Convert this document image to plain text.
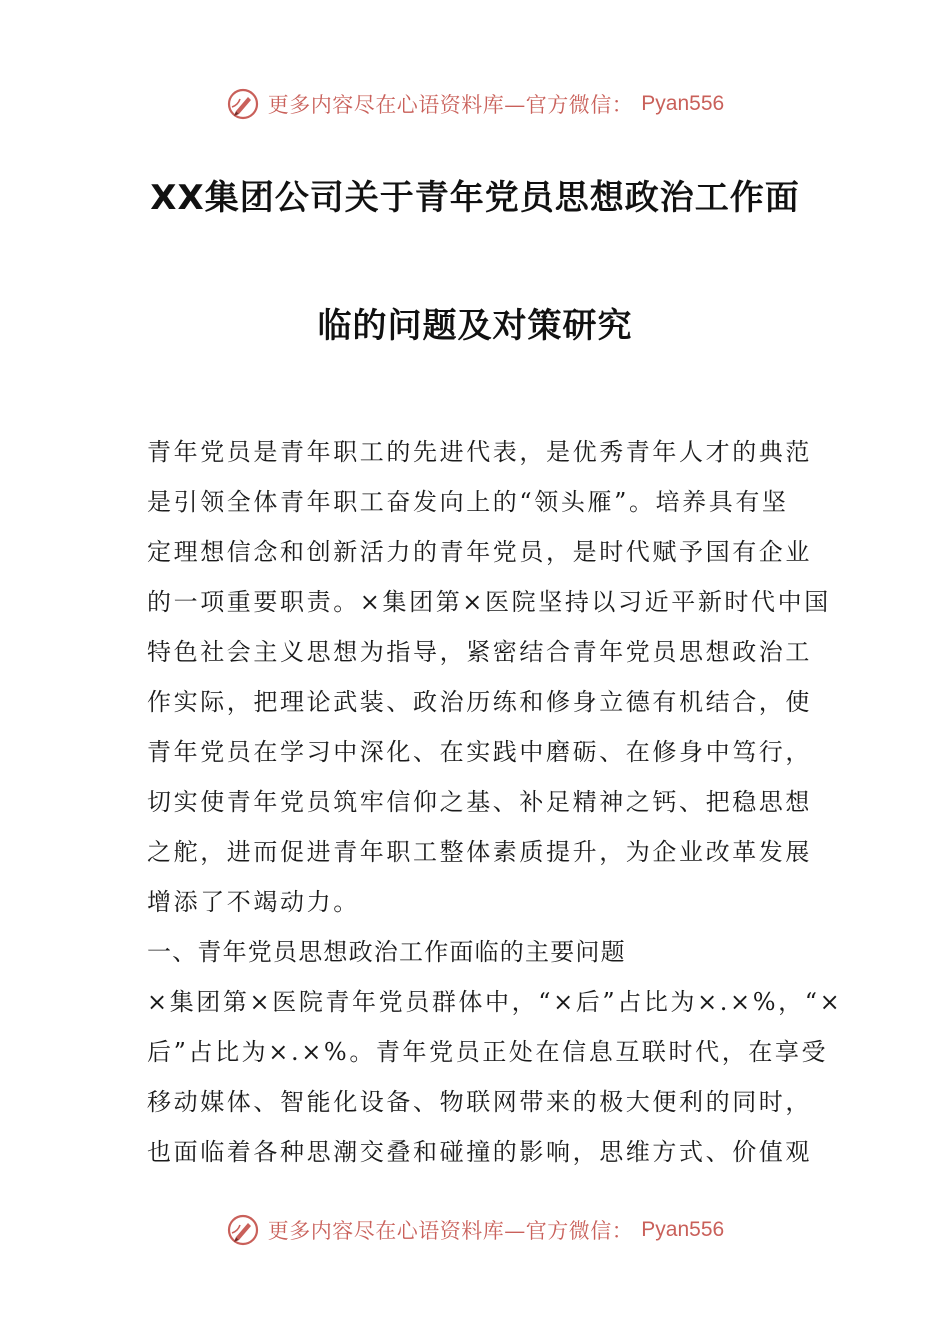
更多内容尽在心语资料库—官方微信： Pyan556
XX集团公司关于青年党员思想政治工作面
临的问题及对策研究
青年党员是青年职工的先进代表，是优秀青年人才的典范
是引领全体青年职工奋发向上的“领头雁”。培养具有坚
定理想信念和创新活力的青年党员，是时代赋予国有企业
的一项重要职责。×集团第×医院坚持以习近平新时代中国
特色社会主义思想为指导，紧密结合青年党员思想政治工
作实际，把理论武装、政治历练和修身立德有机结合，使
青年党员在学习中深化、在实践中磨砺、在修身中笃行，
切实使青年党员筑牢信仰之基、补足精神之钙、把稳思想
之舵，进而促进青年职工整体素质提升，为企业改革发展
增添了不竭动力。
一、青年党员思想政治工作面临的主要问题
×集团第×医院青年党员群体中，“×后”占比为×.×%，“×
后”占比为×.×%。青年党员正处在信息互联时代，在享受
移动媒体、智能化设备、物联网带来的极大便利的同时，
也面临着各种思潮交叠和碰撞的影响，思维方式、价值观
更多内容尽在心语资料库—官方微信： Pyan556
